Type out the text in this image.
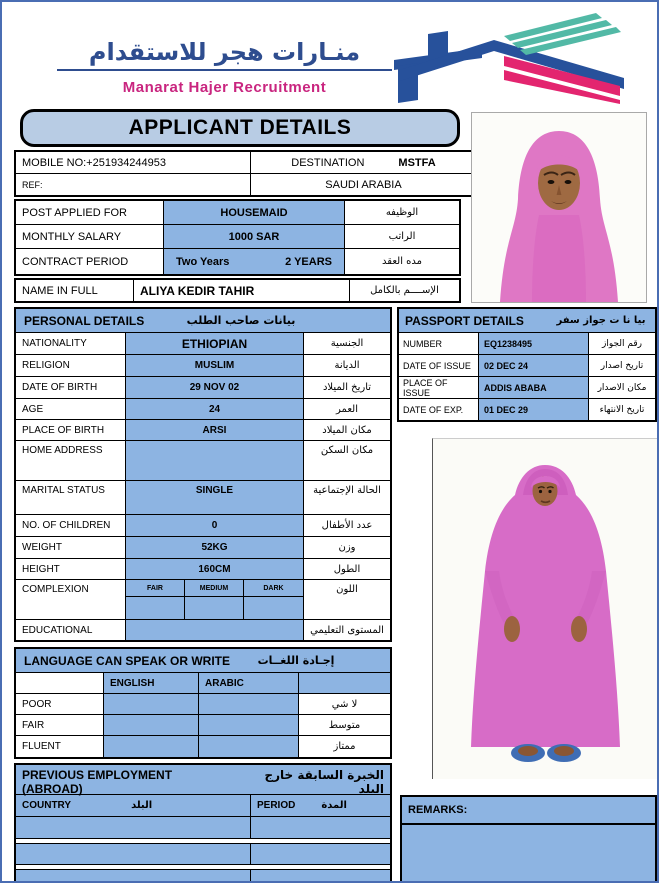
منـارات هجر للاستقدام
Manarat Hajer Recruitment
APPLICANT DETAILS
MOBILE NO:+251934244953	DESTINATION	MSTFA
REF:	SAUDI ARABIA
POST APPLIED FOR	HOUSEMAID	الوظيفه
MONTHLY SALARY	1000 SAR	الراتب
CONTRACT PERIOD	Two Years	2 YEARS	مده العقد
NAME IN FULL	ALIYA KEDIR TAHIR	الإســــم بالكامل
PERSONAL DETAILS	بيانات صاحب الطلب
NATIONALITY	ETHIOPIAN	الجنسية
RELIGION	MUSLIM	الديانة
DATE OF BIRTH	29 NOV 02	تاريخ الميلاد
AGE	24	العمر
PLACE OF BIRTH	ARSI	مكان الميلاد
HOME ADDRESS	مكان السكن
MARITAL STATUS	SINGLE	الحالة الإجتماعية
NO. OF CHILDREN	0	عدد الأطفال
WEIGHT	52KG	وزن
HEIGHT	160CM	الطول
COMPLEXION	FAIR	MEDIUM	DARK	اللون
EDUCATIONAL	المستوى التعليمي
LANGUAGE CAN SPEAK OR WRITE	إجـادة اللغــات
ENGLISH	ARABIC
POOR	لا شي
FAIR	متوسط
FLUENT	ممتاز
PREVIOUS EMPLOYMENT (ABROAD)
الخبرة السابقة خارج البلد
COUNTRY	البلد	PERIOD	المدة
PASSPORT DETAILS	بيا نا ت جواز سفر
NUMBER	EQ1238495	رقم الجواز
DATE OF ISSUE	02 DEC 24	تاريخ اصدار
PLACE OF ISSUE	ADDIS ABABA	مكان الاصدار
DATE OF EXP.	01 DEC 29	تاريخ الانتهاء
REMARKS:
